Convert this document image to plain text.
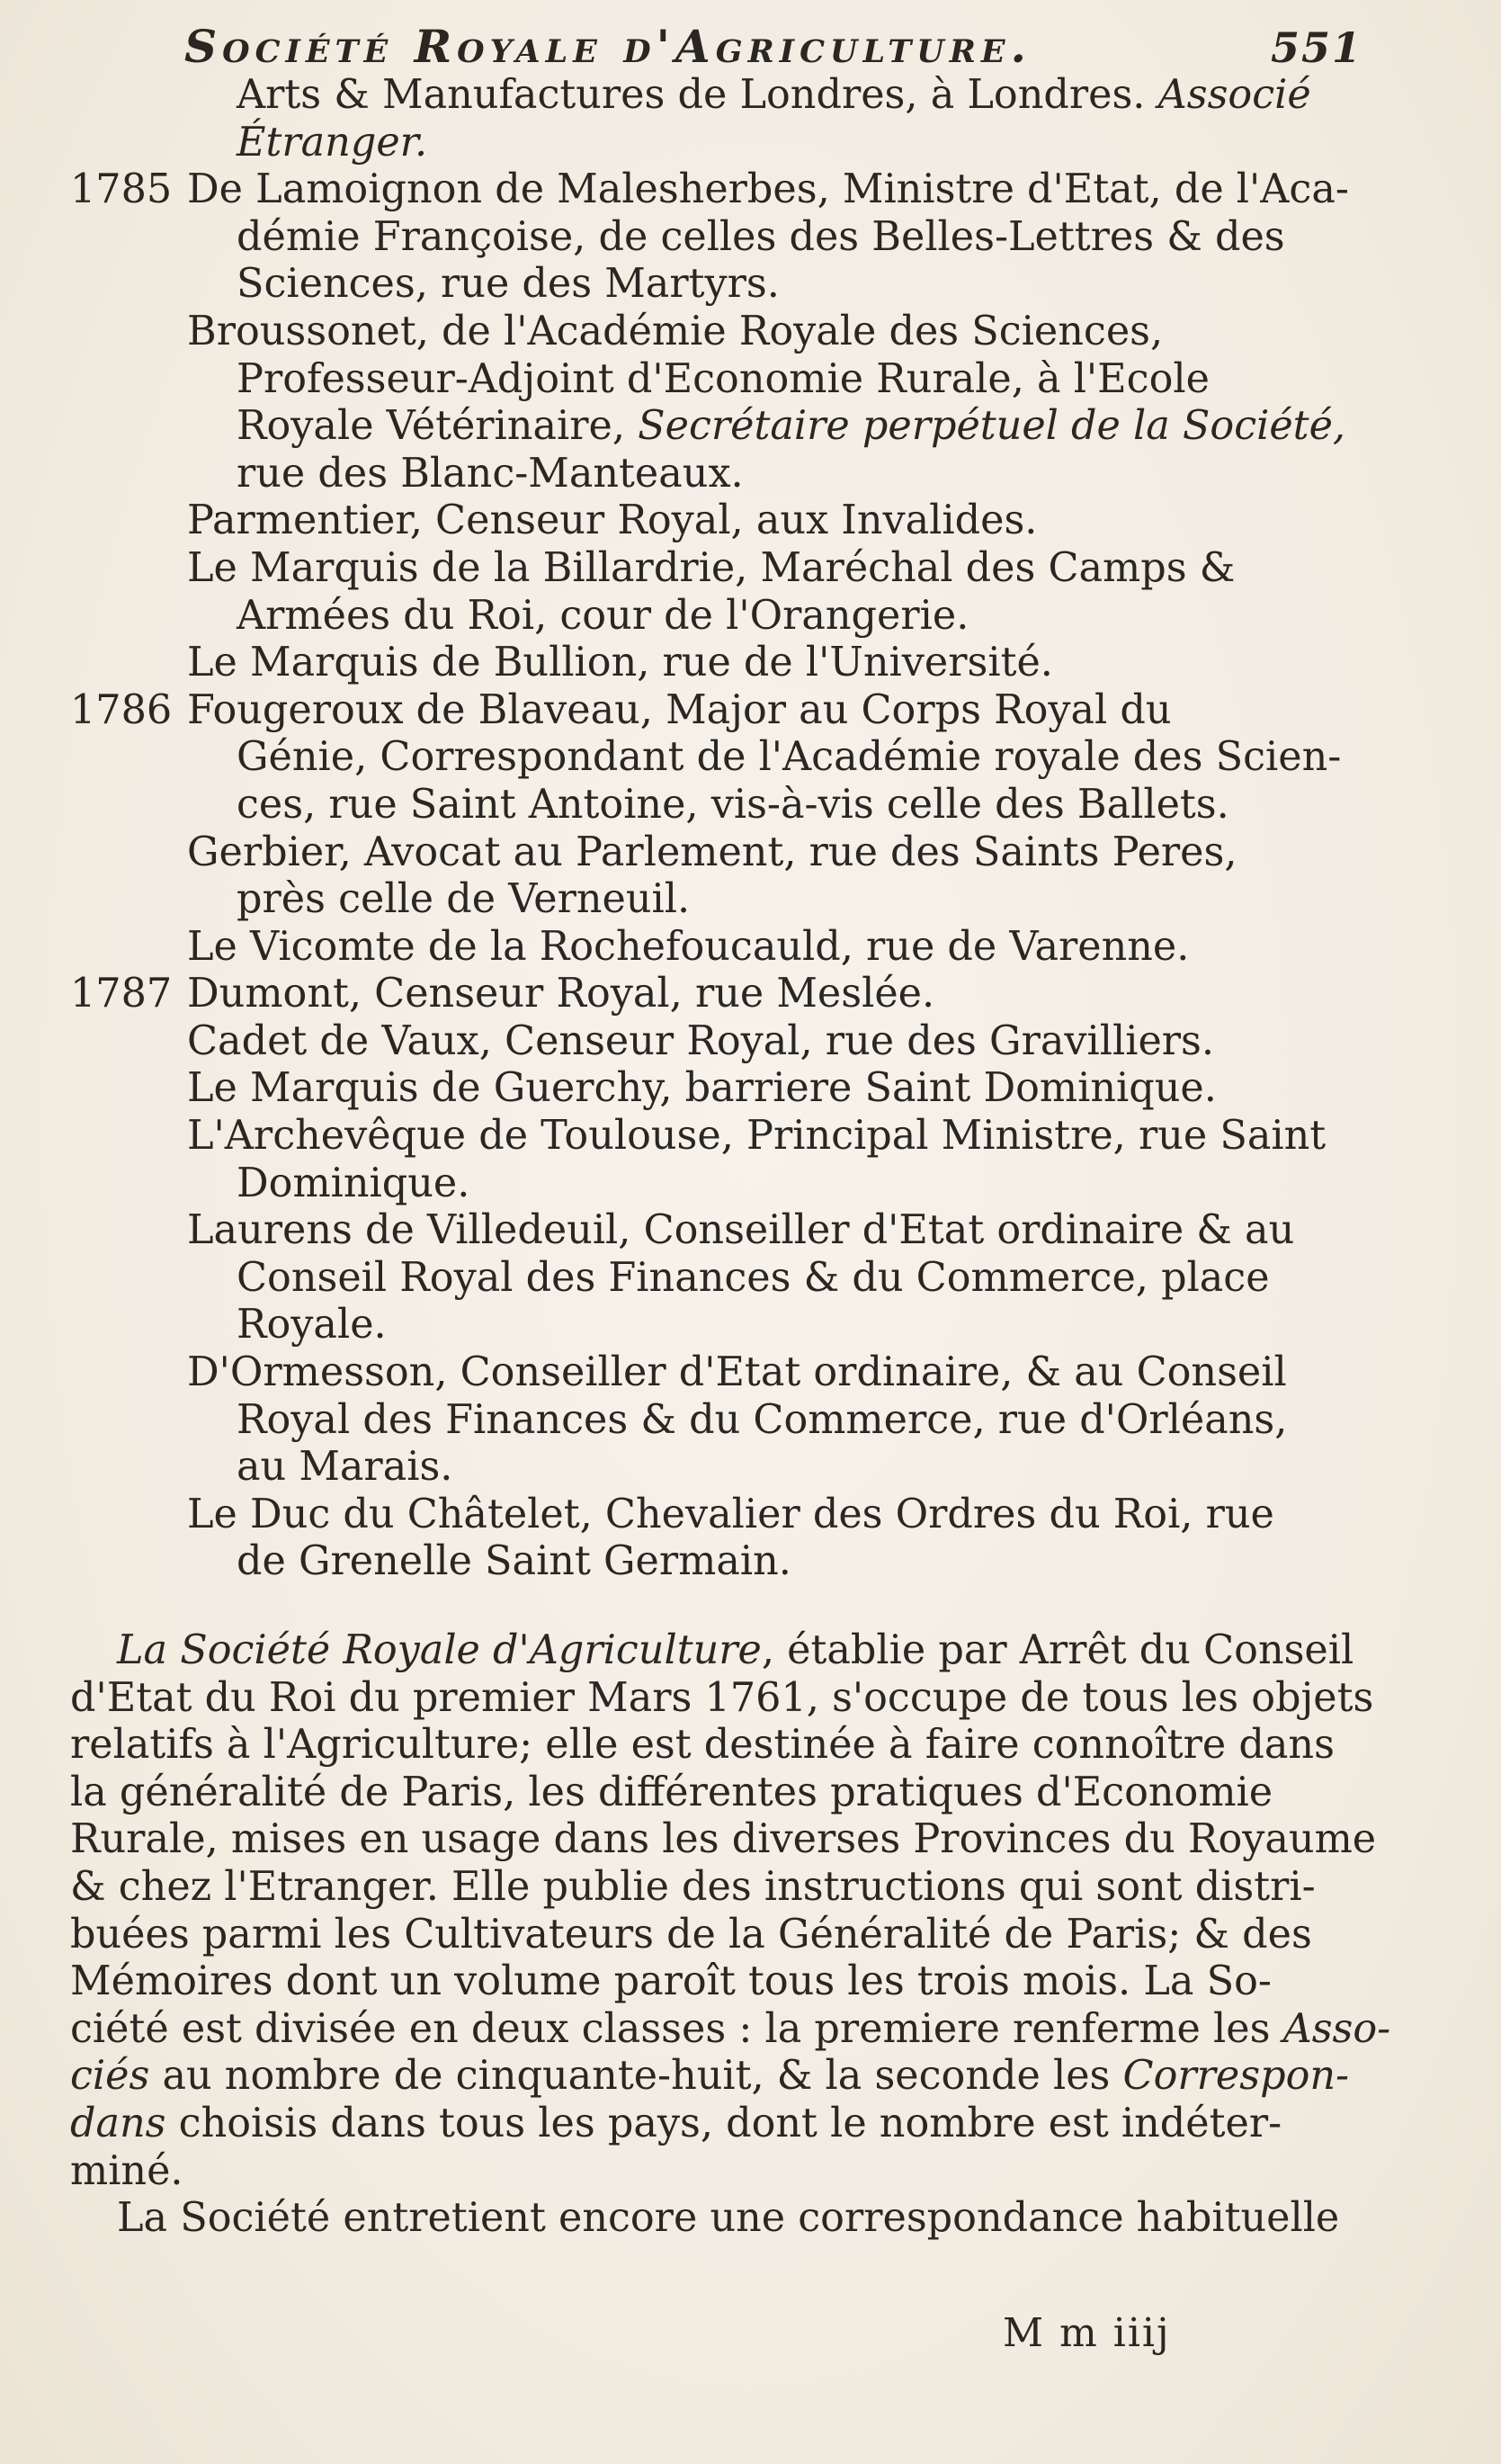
Société Royale d'Agriculture.	551
Arts & Manufactures de Londres, à Londres. Associé
Étranger.
1785 De Lamoignon de Malesherbes, Ministre d'Etat, de l'Aca-
démie Françoise, de celles des Belles-Lettres & des
Sciences, rue des Martyrs.
Broussonet, de l'Académie Royale des Sciences,
Professeur-Adjoint d'Economie Rurale, à l'Ecole
Royale Vétérinaire, Secrétaire perpétuel de la Société,
rue des Blanc-Manteaux.
Parmentier, Censeur Royal, aux Invalides.
Le Marquis de la Billardrie, Maréchal des Camps &
Armées du Roi, cour de l'Orangerie.
Le Marquis de Bullion, rue de l'Université.
1786 Fougeroux de Blaveau, Major au Corps Royal du
Génie, Correspondant de l'Académie royale des Scien-
ces, rue Saint Antoine, vis-à-vis celle des Ballets.
Gerbier, Avocat au Parlement, rue des Saints Peres,
près celle de Verneuil.
Le Vicomte de la Rochefoucauld, rue de Varenne.
1787 Dumont, Censeur Royal, rue Meslée.
Cadet de Vaux, Censeur Royal, rue des Gravilliers.
Le Marquis de Guerchy, barriere Saint Dominique.
L'Archevêque de Toulouse, Principal Ministre, rue Saint
Dominique.
Laurens de Villedeuil, Conseiller d'Etat ordinaire & au
Conseil Royal des Finances & du Commerce, place
Royale.
D'Ormesson, Conseiller d'Etat ordinaire, & au Conseil
Royal des Finances & du Commerce, rue d'Orléans,
au Marais.
Le Duc du Châtelet, Chevalier des Ordres du Roi, rue
de Grenelle Saint Germain.
La Société Royale d'Agriculture, établie par Arrêt du Conseil
d'Etat du Roi du premier Mars 1761, s'occupe de tous les objets
relatifs à l'Agriculture; elle est destinée à faire connoître dans
la généralité de Paris, les différentes pratiques d'Economie
Rurale, mises en usage dans les diverses Provinces du Royaume
& chez l'Etranger. Elle publie des instructions qui sont distri-
buées parmi les Cultivateurs de la Généralité de Paris; & des
Mémoires dont un volume paroît tous les trois mois. La So-
ciété est divisée en deux classes : la premiere renferme les Asso-
ciés au nombre de cinquante-huit, & la seconde les Correspon-
dans choisis dans tous les pays, dont le nombre est indéter-
miné.
La Société entretient encore une correspondance habituelle
M m iiij
